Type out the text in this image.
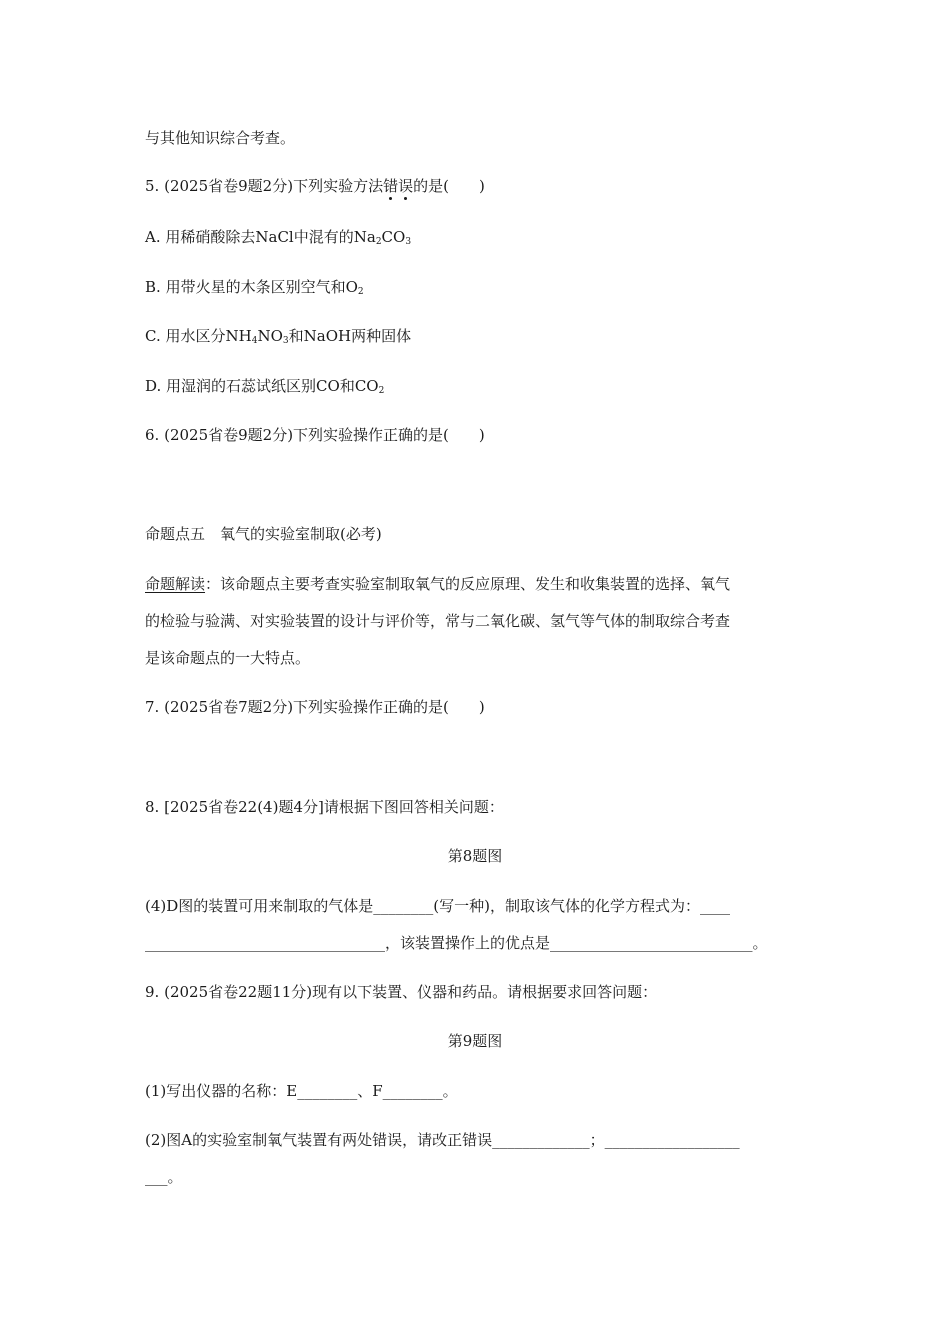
与其他知识综合考查。
5. (2025省卷9题2分)下列实验方法错误的是(　　)
A. 用稀硝酸除去NaCl中混有的$Na_2CO_3$
B. 用带火星的木条区别空气和$O_2$
C. 用水区分$NH_4NO_3$和NaOH两种固体
D. 用湿润的石蕊试纸区别CO和$CO_2$
6. (2025省卷9题2分)下列实验操作正确的是(　　)
命题点五　氧气的实验室制取(必考)
命题解读：该命题点主要考查实验室制取氧气的反应原理、发生和收集装置的选择、氧气
的检验与验满、对实验装置的设计与评价等，常与二氧化碳、氢气等气体的制取综合考查
是该命题点的一大特点。
7. (2025省卷7题2分)下列实验操作正确的是(　　)
8. [2025省卷22(4)题4分]请根据下图回答相关问题：
第8题图
(4)D图的装置可用来制取的气体是________(写一种)，制取该气体的化学方程式为：____
________________________________，该装置操作上的优点是___________________________。
9. (2025省卷22题11分)现有以下装置、仪器和药品。请根据要求回答问题：
第9题图
(1)写出仪器的名称：E________、F________。
(2)图A的实验室制氧气装置有两处错误，请改正错误_____________；__________________
___。
